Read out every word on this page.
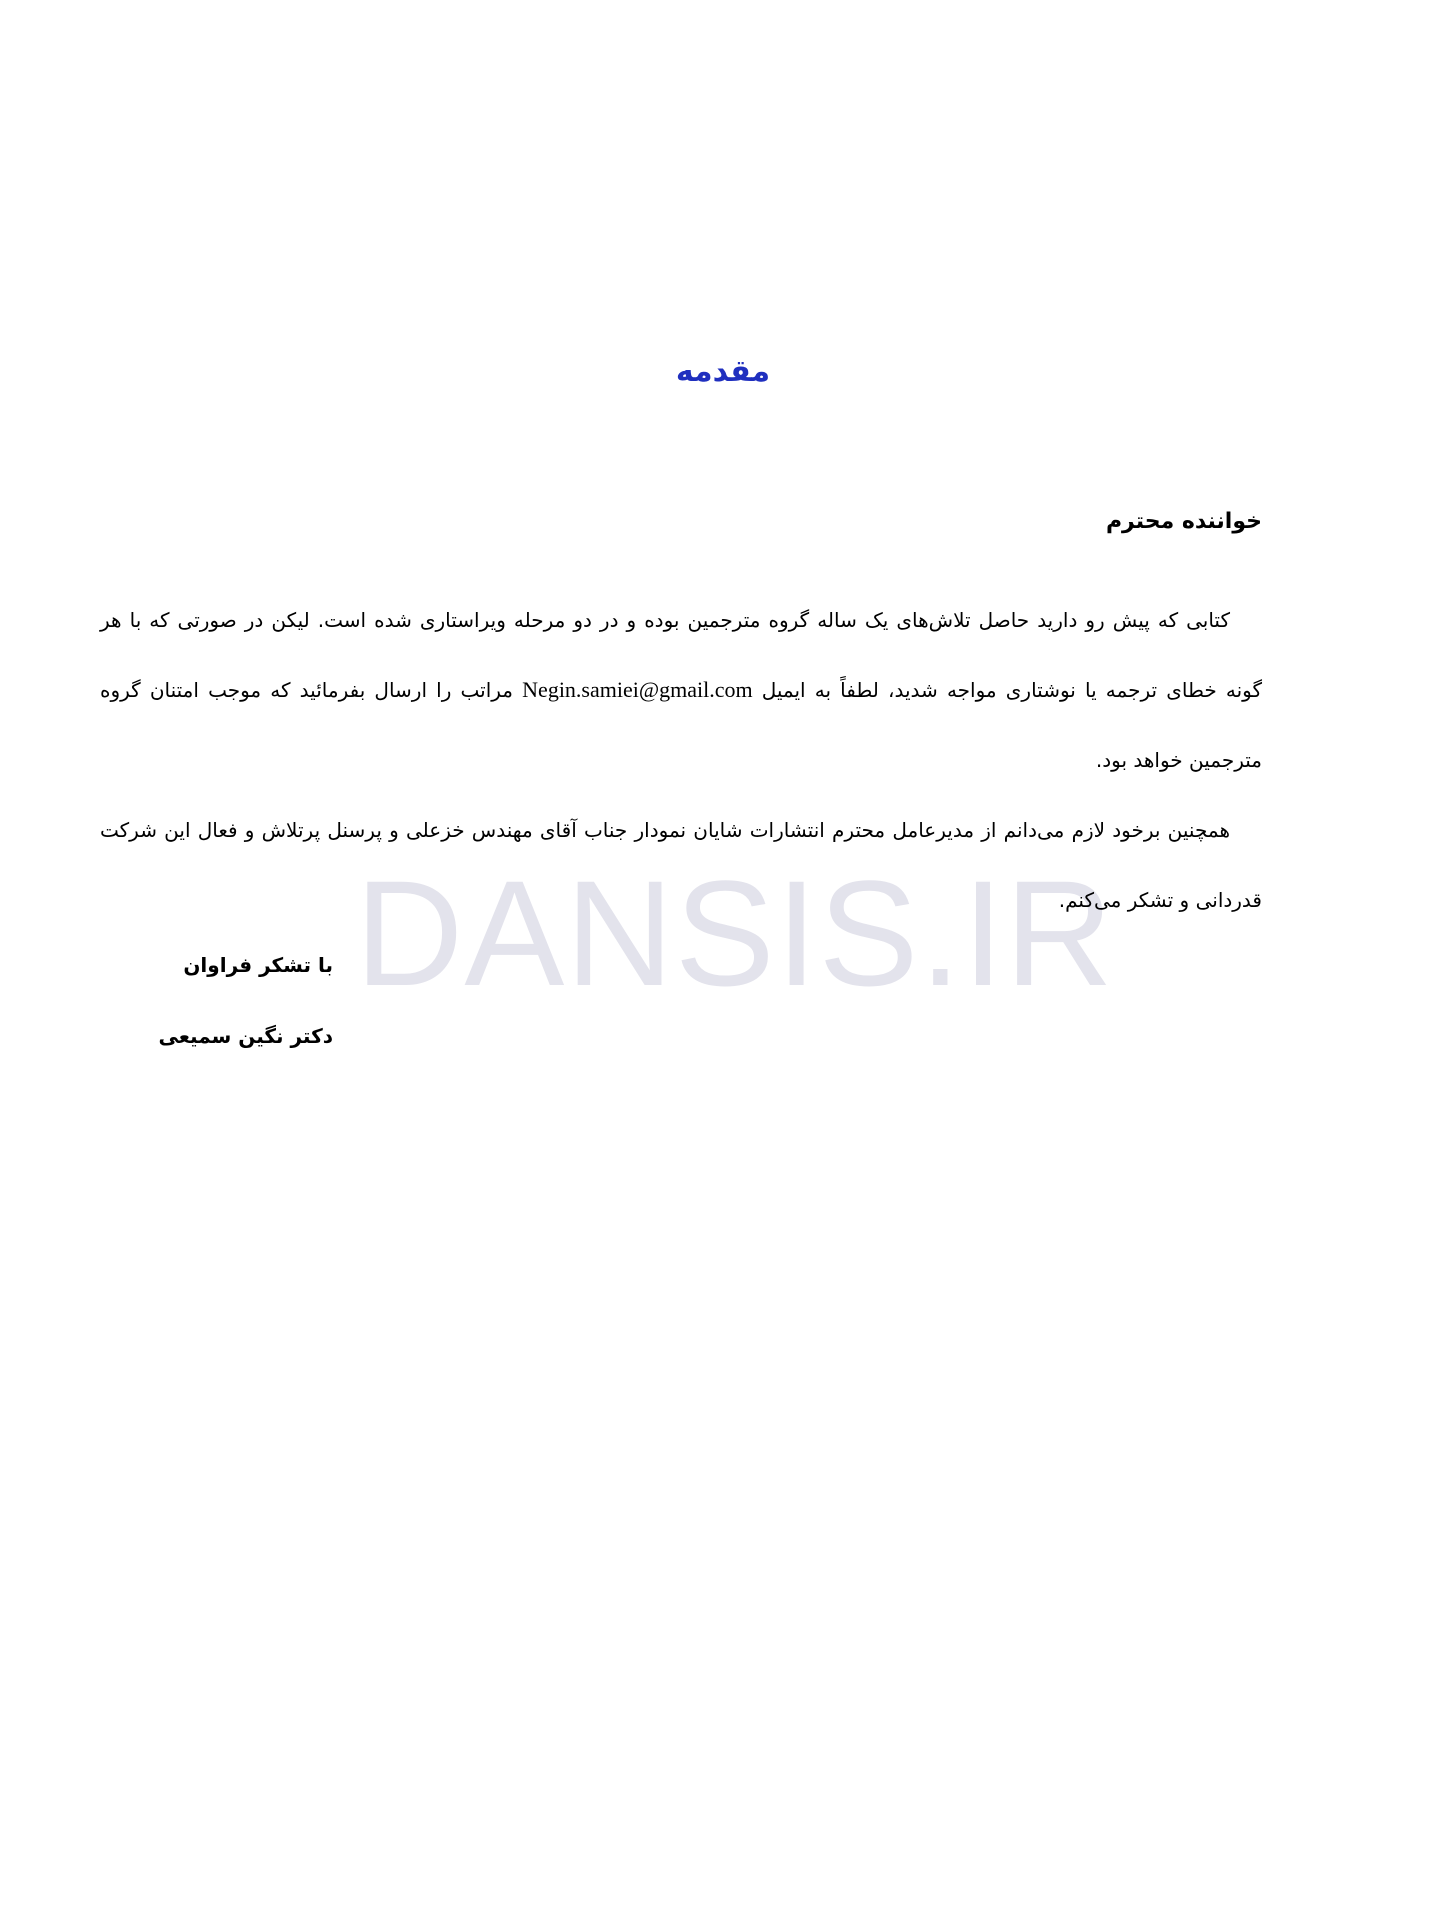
DANSIS.IR
مقدمه
خواننده محترم
کتابی که پیش رو دارید حاصل تلاش‌های یک ساله گروه مترجمین بوده و در دو مرحله ویراستاری شده است. لیکن در صورتی که با هر گونه خطای ترجمه یا نوشتاری مواجه شدید، لطفاً به ایمیل Negin.samiei@gmail.com مراتب را ارسال بفرمائید که موجب امتنان گروه مترجمین خواهد بود.
همچنین برخود لازم می‌دانم از مدیرعامل محترم انتشارات شایان نمودار جناب آقای مهندس خزعلی و پرسنل پرتلاش و فعال این شرکت قدردانی و تشکر می‌کنم.
با تشکر فراوان
دکتر نگین سمیعی
